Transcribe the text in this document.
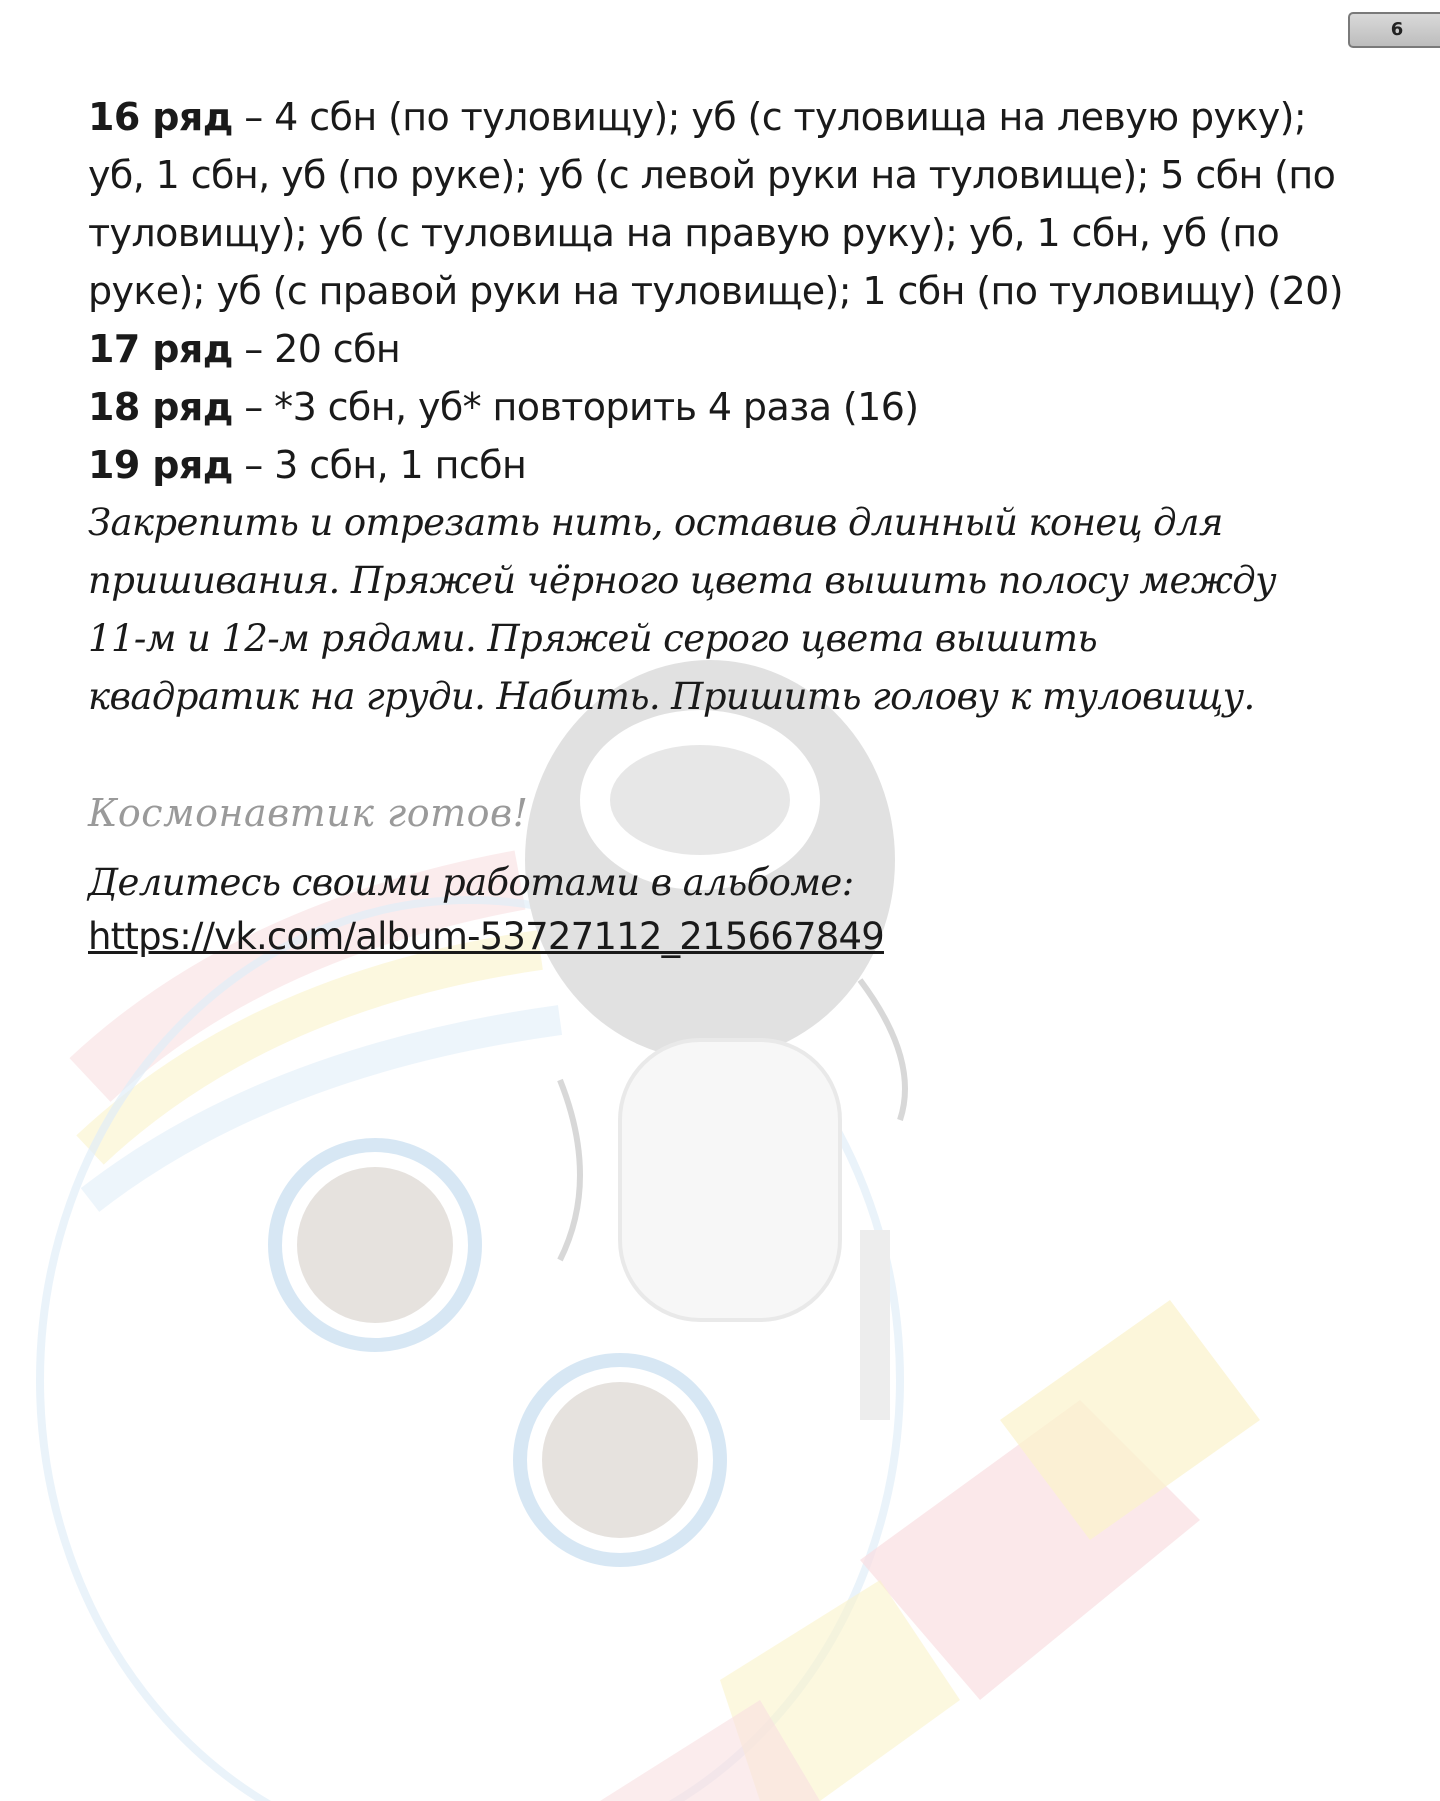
6

16 ряд – 4 сбн (по туловищу); уб (с туловища на левую руку);
уб, 1 сбн, уб (по руке); уб (с левой руки на туловище); 5 сбн (по
туловищу); уб (с туловища на правую руку); уб, 1 сбн, уб (по
руке); уб (с правой руки на туловище); 1 сбн (по туловищу) (20)

17 ряд – 20 сбн

18 ряд – *3 сбн, уб* повторить 4 раза (16)

19 ряд – 3 сбн, 1 псбн

Закрепить и отрезать нить, оставив длинный конец для
пришивания. Пряжей чёрного цвета вышить полосу между
11-м и 12-м рядами. Пряжей серого цвета вышить
квадратик на груди. Набить. Пришить голову к туловищу.

Космонавтик готов!

Делитесь своими работами в альбоме:

https://vk.com/album-53727112_215667849
